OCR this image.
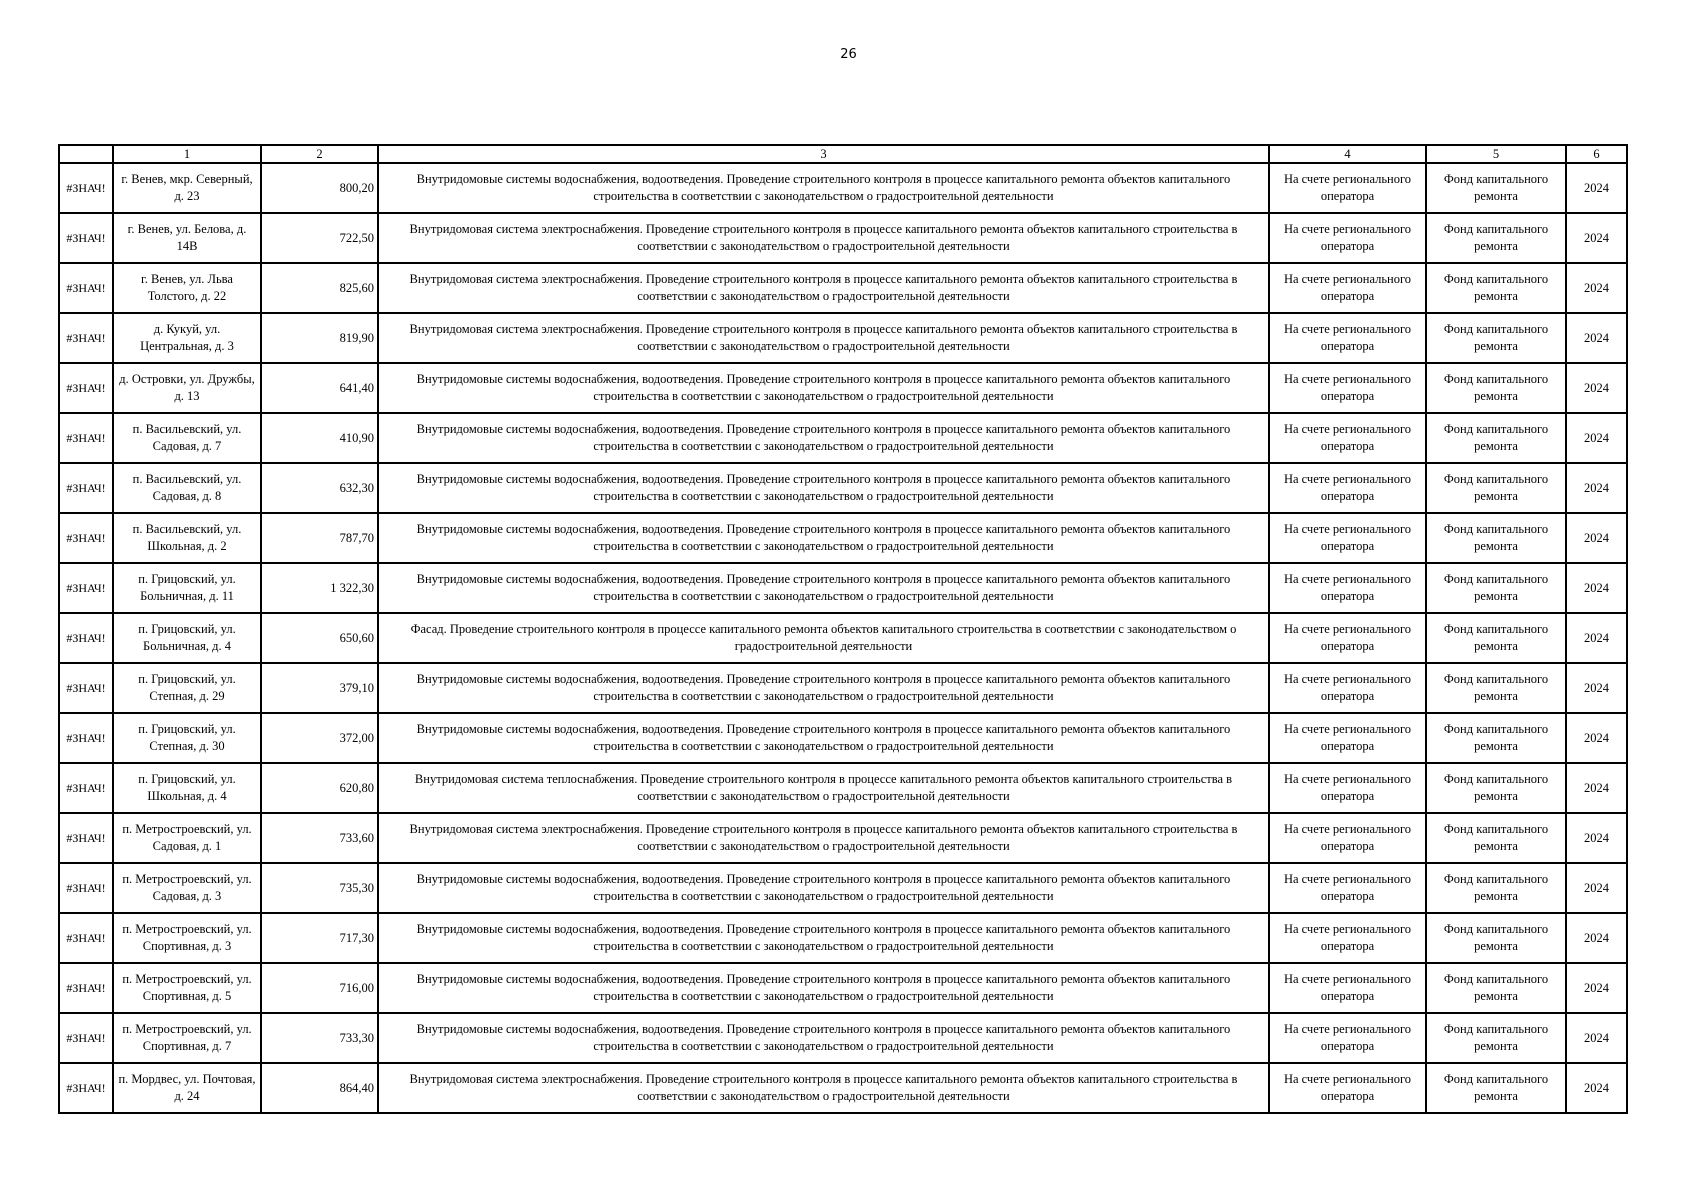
26
	1	2	3	4	5	6
#ЗНАЧ!	г. Венев, мкр. Северный, д. 23	800,20	Внутридомовые системы водоснабжения, водоотведения. Проведение строительного контроля в процессе капитального ремонта объектов капитального строительства в соответствии с законодательством о градостроительной деятельности	На счете регионального оператора	Фонд капитального ремонта	2024
#ЗНАЧ!	г. Венев, ул. Белова, д. 14В	722,50	Внутридомовая система электроснабжения. Проведение строительного контроля в процессе капитального ремонта объектов капитального строительства в соответствии с законодательством о градостроительной деятельности	На счете регионального оператора	Фонд капитального ремонта	2024
#ЗНАЧ!	г. Венев, ул. Льва Толстого, д. 22	825,60	Внутридомовая система электроснабжения. Проведение строительного контроля в процессе капитального ремонта объектов капитального строительства в соответствии с законодательством о градостроительной деятельности	На счете регионального оператора	Фонд капитального ремонта	2024
#ЗНАЧ!	д. Кукуй, ул. Центральная, д. 3	819,90	Внутридомовая система электроснабжения. Проведение строительного контроля в процессе капитального ремонта объектов капитального строительства в соответствии с законодательством о градостроительной деятельности	На счете регионального оператора	Фонд капитального ремонта	2024
#ЗНАЧ!	д. Островки, ул. Дружбы, д. 13	641,40	Внутридомовые системы водоснабжения, водоотведения. Проведение строительного контроля в процессе капитального ремонта объектов капитального строительства в соответствии с законодательством о градостроительной деятельности	На счете регионального оператора	Фонд капитального ремонта	2024
#ЗНАЧ!	п. Васильевский, ул. Садовая, д. 7	410,90	Внутридомовые системы водоснабжения, водоотведения. Проведение строительного контроля в процессе капитального ремонта объектов капитального строительства в соответствии с законодательством о градостроительной деятельности	На счете регионального оператора	Фонд капитального ремонта	2024
#ЗНАЧ!	п. Васильевский, ул. Садовая, д. 8	632,30	Внутридомовые системы водоснабжения, водоотведения. Проведение строительного контроля в процессе капитального ремонта объектов капитального строительства в соответствии с законодательством о градостроительной деятельности	На счете регионального оператора	Фонд капитального ремонта	2024
#ЗНАЧ!	п. Васильевский, ул. Школьная, д. 2	787,70	Внутридомовые системы водоснабжения, водоотведения. Проведение строительного контроля в процессе капитального ремонта объектов капитального строительства в соответствии с законодательством о градостроительной деятельности	На счете регионального оператора	Фонд капитального ремонта	2024
#ЗНАЧ!	п. Грицовский, ул. Больничная, д. 11	1 322,30	Внутридомовые системы водоснабжения, водоотведения. Проведение строительного контроля в процессе капитального ремонта объектов капитального строительства в соответствии с законодательством о градостроительной деятельности	На счете регионального оператора	Фонд капитального ремонта	2024
#ЗНАЧ!	п. Грицовский, ул. Больничная, д. 4	650,60	Фасад. Проведение строительного контроля в процессе капитального ремонта объектов капитального строительства в соответствии с законодательством о градостроительной деятельности	На счете регионального оператора	Фонд капитального ремонта	2024
#ЗНАЧ!	п. Грицовский, ул. Степная, д. 29	379,10	Внутридомовые системы водоснабжения, водоотведения. Проведение строительного контроля в процессе капитального ремонта объектов капитального строительства в соответствии с законодательством о градостроительной деятельности	На счете регионального оператора	Фонд капитального ремонта	2024
#ЗНАЧ!	п. Грицовский, ул. Степная, д. 30	372,00	Внутридомовые системы водоснабжения, водоотведения. Проведение строительного контроля в процессе капитального ремонта объектов капитального строительства в соответствии с законодательством о градостроительной деятельности	На счете регионального оператора	Фонд капитального ремонта	2024
#ЗНАЧ!	п. Грицовский, ул. Школьная, д. 4	620,80	Внутридомовая система теплоснабжения. Проведение строительного контроля в процессе капитального ремонта объектов капитального строительства в соответствии с законодательством о градостроительной деятельности	На счете регионального оператора	Фонд капитального ремонта	2024
#ЗНАЧ!	п. Метростроевский, ул. Садовая, д. 1	733,60	Внутридомовая система электроснабжения. Проведение строительного контроля в процессе капитального ремонта объектов капитального строительства в соответствии с законодательством о градостроительной деятельности	На счете регионального оператора	Фонд капитального ремонта	2024
#ЗНАЧ!	п. Метростроевский, ул. Садовая, д. 3	735,30	Внутридомовые системы водоснабжения, водоотведения. Проведение строительного контроля в процессе капитального ремонта объектов капитального строительства в соответствии с законодательством о градостроительной деятельности	На счете регионального оператора	Фонд капитального ремонта	2024
#ЗНАЧ!	п. Метростроевский, ул. Спортивная, д. 3	717,30	Внутридомовые системы водоснабжения, водоотведения. Проведение строительного контроля в процессе капитального ремонта объектов капитального строительства в соответствии с законодательством о градостроительной деятельности	На счете регионального оператора	Фонд капитального ремонта	2024
#ЗНАЧ!	п. Метростроевский, ул. Спортивная, д. 5	716,00	Внутридомовые системы водоснабжения, водоотведения. Проведение строительного контроля в процессе капитального ремонта объектов капитального строительства в соответствии с законодательством о градостроительной деятельности	На счете регионального оператора	Фонд капитального ремонта	2024
#ЗНАЧ!	п. Метростроевский, ул. Спортивная, д. 7	733,30	Внутридомовые системы водоснабжения, водоотведения. Проведение строительного контроля в процессе капитального ремонта объектов капитального строительства в соответствии с законодательством о градостроительной деятельности	На счете регионального оператора	Фонд капитального ремонта	2024
#ЗНАЧ!	п. Мордвес, ул. Почтовая, д. 24	864,40	Внутридомовая система электроснабжения. Проведение строительного контроля в процессе капитального ремонта объектов капитального строительства в соответствии с законодательством о градостроительной деятельности	На счете регионального оператора	Фонд капитального ремонта	2024
